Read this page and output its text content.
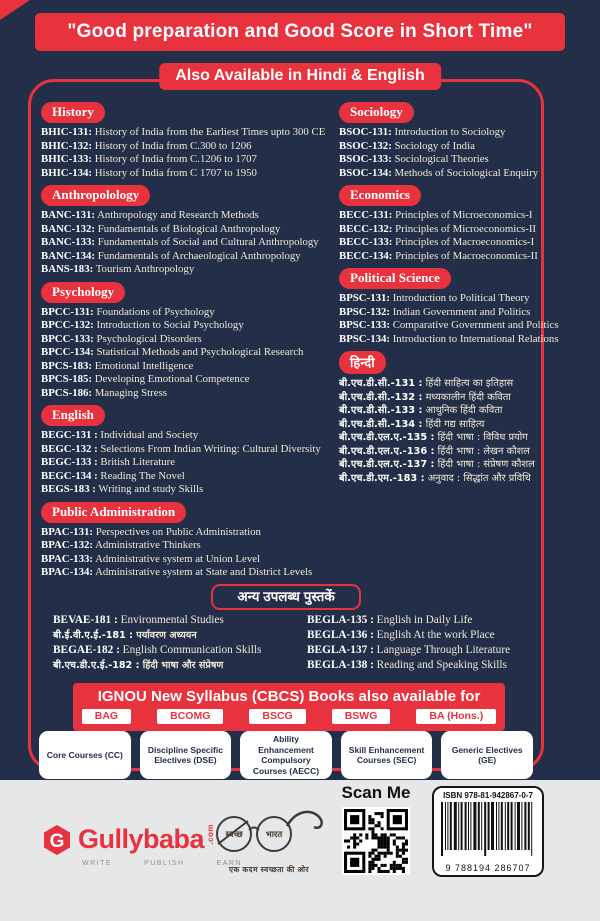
"Good preparation and Good Score in Short Time"
Also Available in Hindi & English
History
BHIC-131: History of India from the Earliest Times upto 300 CE
BHIC-132: History of India from C.300 to 1206
BHIC-133: History of India from C.1206 to 1707
BHIC-134: History of India from C 1707 to 1950
Anthropolology
BANC-131: Anthropology and Research Methods
BANC-132: Fundamentals of Biological Anthropology
BANC-133: Fundamentals of Social and Cultural Anthropology
BANC-134: Fundamentals of Archaeological Anthropology
BANS-183: Tourism Anthropology
Psychology
BPCC-131: Foundations of Psychology
BPCC-132: Introduction to Social Psychology
BPCC-133: Psychological Disorders
BPCC-134: Statistical Methods and Psychological Research
BPCS-183: Emotional Intelligence
BPCS-185: Developing Emotional Competence
BPCS-186: Managing Stress
English
BEGC-131 : Individual and Society
BEGC-132 : Selections From Indian Writing: Cultural Diversity
BEGC-133 : British Literature
BEGC-134 : Reading The Novel
BEGS-183 : Writing and study Skills
Public Administration
BPAC-131: Perspectives on Public Administration
BPAC-132: Administrative Thinkers
BPAC-133: Administrative system at Union Level
BPAC-134: Administrative system at State and District Levels
Sociology
BSOC-131: Introduction to Sociology
BSOC-132: Sociology of India
BSOC-133: Sociological Theories
BSOC-134: Methods of Sociological Enquiry
Economics
BECC-131: Principles of Microeconomics-I
BECC-132: Principles of Microeconomics-II
BECC-133: Principles of Macroeconomics-I
BECC-134: Principles of Macroeconomics-II
Political Science
BPSC-131: Introduction to Political Theory
BPSC-132: Indian Government and Politics
BPSC-133: Comparative Government and Politics
BPSC-134: Introduction to International Relations
हिन्दी
बी.एच.डी.सी.-131 : हिंदी साहित्य का इतिहास
बी.एच.डी.सी.-132 : मध्यकालीन हिंदी कविता
बी.एच.डी.सी.-133 : आधुनिक हिंदी कविता
बी.एच.डी.सी.-134 : हिंदी गद्य साहित्य
बी.एच.डी.एल.ए.-135 : हिंदी भाषा : विविध प्रयोग
बी.एच.डी.एल.ए.-136 : हिंदी भाषा : लेखन कौशल
बी.एच.डी.एल.ए.-137 : हिंदी भाषा : संप्रेषण कौशल
बी.एच.डी.एम.-183 : अनुवाद : सिद्धांत और प्रविधि
अन्य उपलब्ध पुस्तकें
BEVAE-181 : Environmental Studies
बी.ई.वी.ए.ई.-181 : पर्यावरण अध्ययन
BEGAE-182 : English Communication Skills
बी.एच.डी.ए.ई.-182 : हिंदी भाषा और संप्रेषण
BEGLA-135 : English in Daily Life
BEGLA-136 : English At the work Place
BEGLA-137 : Language Through Literature
BEGLA-138 : Reading and Speaking Skills
IGNOU New Syllabus (CBCS) Books also available for
BAG	BCOMG	BSCG	BSWG	BA (Hons.)
Core Courses (CC)
Discipline Specific Electives (DSE)
Ability Enhancement Compulsory Courses (AECC)
Skill Enhancement Courses (SEC)
Generic Electives (GE)
G Gullybaba .com
WRITE	PUBLISH	EARN
स्वच्छ	भारत
एक कदम स्वच्छता की ओर
Scan Me	ISBN 978-81-942867-0-7
9 788194 286707
